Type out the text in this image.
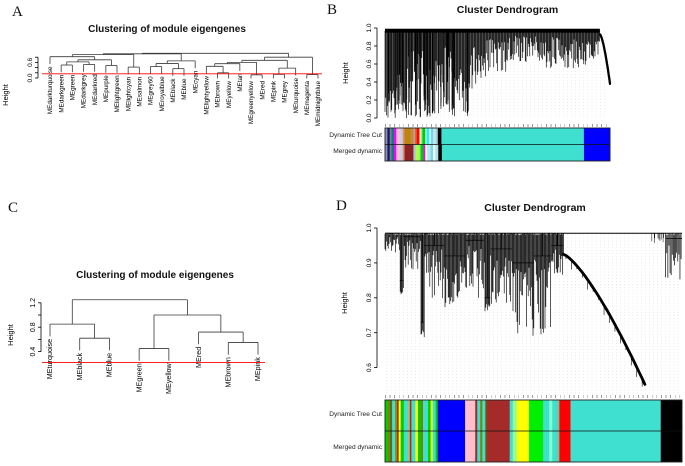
A	B
C	D
Clustering of module eigengenes
Cluster Dendrogram
Clustering of module eigengenes
Cluster Dendrogram
MEdarkturquoise MEdarkgreen MEgreen MEdarkgrey MEdarkred MEpurple MElightgreen MElightcyan MEsalmon MEgrey60 MEroyalblue MEblack MEblue MEcyan MElightyellow MEbrown MEyellow MEtan MEgreenyellow MEred MEpink MEgrey MEturquoise MEmagenta MEmidnightblue
0.0
0.6
Height
0.0
0.2
0.4
0.6
0.8
1.0
Height
MEturquoise	MEblack	MEblue	MEgreen	MEyellow
MEred	MEbrown	MEpink
0.4
0.8
1.2
Height
0.6
0.7
0.8
0.9
1.0
Height
Dynamic Tree Cut
Merged dynamic
Dynamic Tree Cut
Merged dynamic
